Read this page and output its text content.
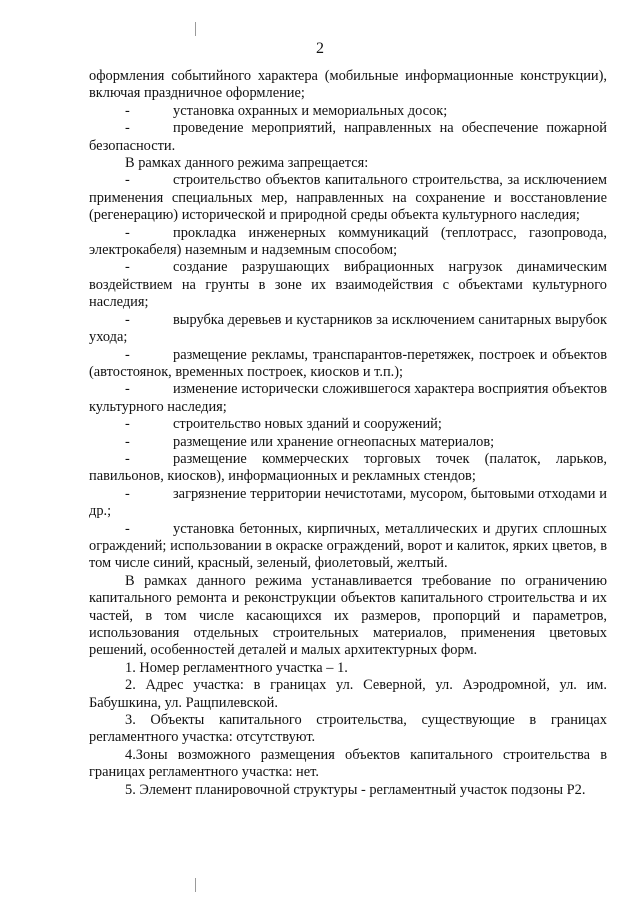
2

оформления событийного характера (мобильные информационные конструкции), включая праздничное оформление;

-	установка охранных и мемориальных досок;

-	проведение мероприятий, направленных на обеспечение пожарной безопасности.

В рамках данного режима запрещается:

-	строительство объектов капитального строительства, за исключением применения специальных мер, направленных на сохранение и восстановление (регенерацию) исторической и природной среды объекта культурного наследия;

-	прокладка инженерных коммуникаций (теплотрасс, газопровода, электрокабеля) наземным и надземным способом;

-	создание разрушающих вибрационных нагрузок динамическим воздействием на грунты в зоне их взаимодействия с объектами культурного наследия;

-	вырубка деревьев и кустарников за исключением санитарных вырубок ухода;

-	размещение рекламы, транспарантов-перетяжек, построек и объектов (автостоянок, временных построек, киосков и т.п.);

-	изменение исторически сложившегося характера восприятия объектов культурного наследия;

-	строительство новых зданий и сооружений;

-	размещение или хранение огнеопасных материалов;

-	размещение коммерческих торговых точек (палаток, ларьков, павильонов, киосков), информационных и рекламных стендов;

-	загрязнение территории нечистотами, мусором, бытовыми отходами и др.;

-	установка бетонных, кирпичных, металлических и других сплошных ограждений; использовании в окраске ограждений, ворот и калиток, ярких цветов, в том числе синий, красный, зеленый, фиолетовый, желтый.

В рамках данного режима устанавливается требование по ограничению капитального ремонта и реконструкции объектов капитального строительства и их частей, в том числе касающихся их размеров, пропорций и параметров, использования отдельных строительных материалов, применения цветовых решений, особенностей деталей и малых архитектурных форм.

1. Номер регламентного участка – 1.

2. Адрес участка: в границах ул. Северной, ул. Аэродромной, ул. им. Бабушкина, ул. Ращпилевской.

3. Объекты капитального строительства, существующие в границах регламентного участка: отсутствуют.

4.Зоны возможного размещения объектов капитального строительства в границах регламентного участка: нет.

5. Элемент планировочной структуры - регламентный участок подзоны Р2.
